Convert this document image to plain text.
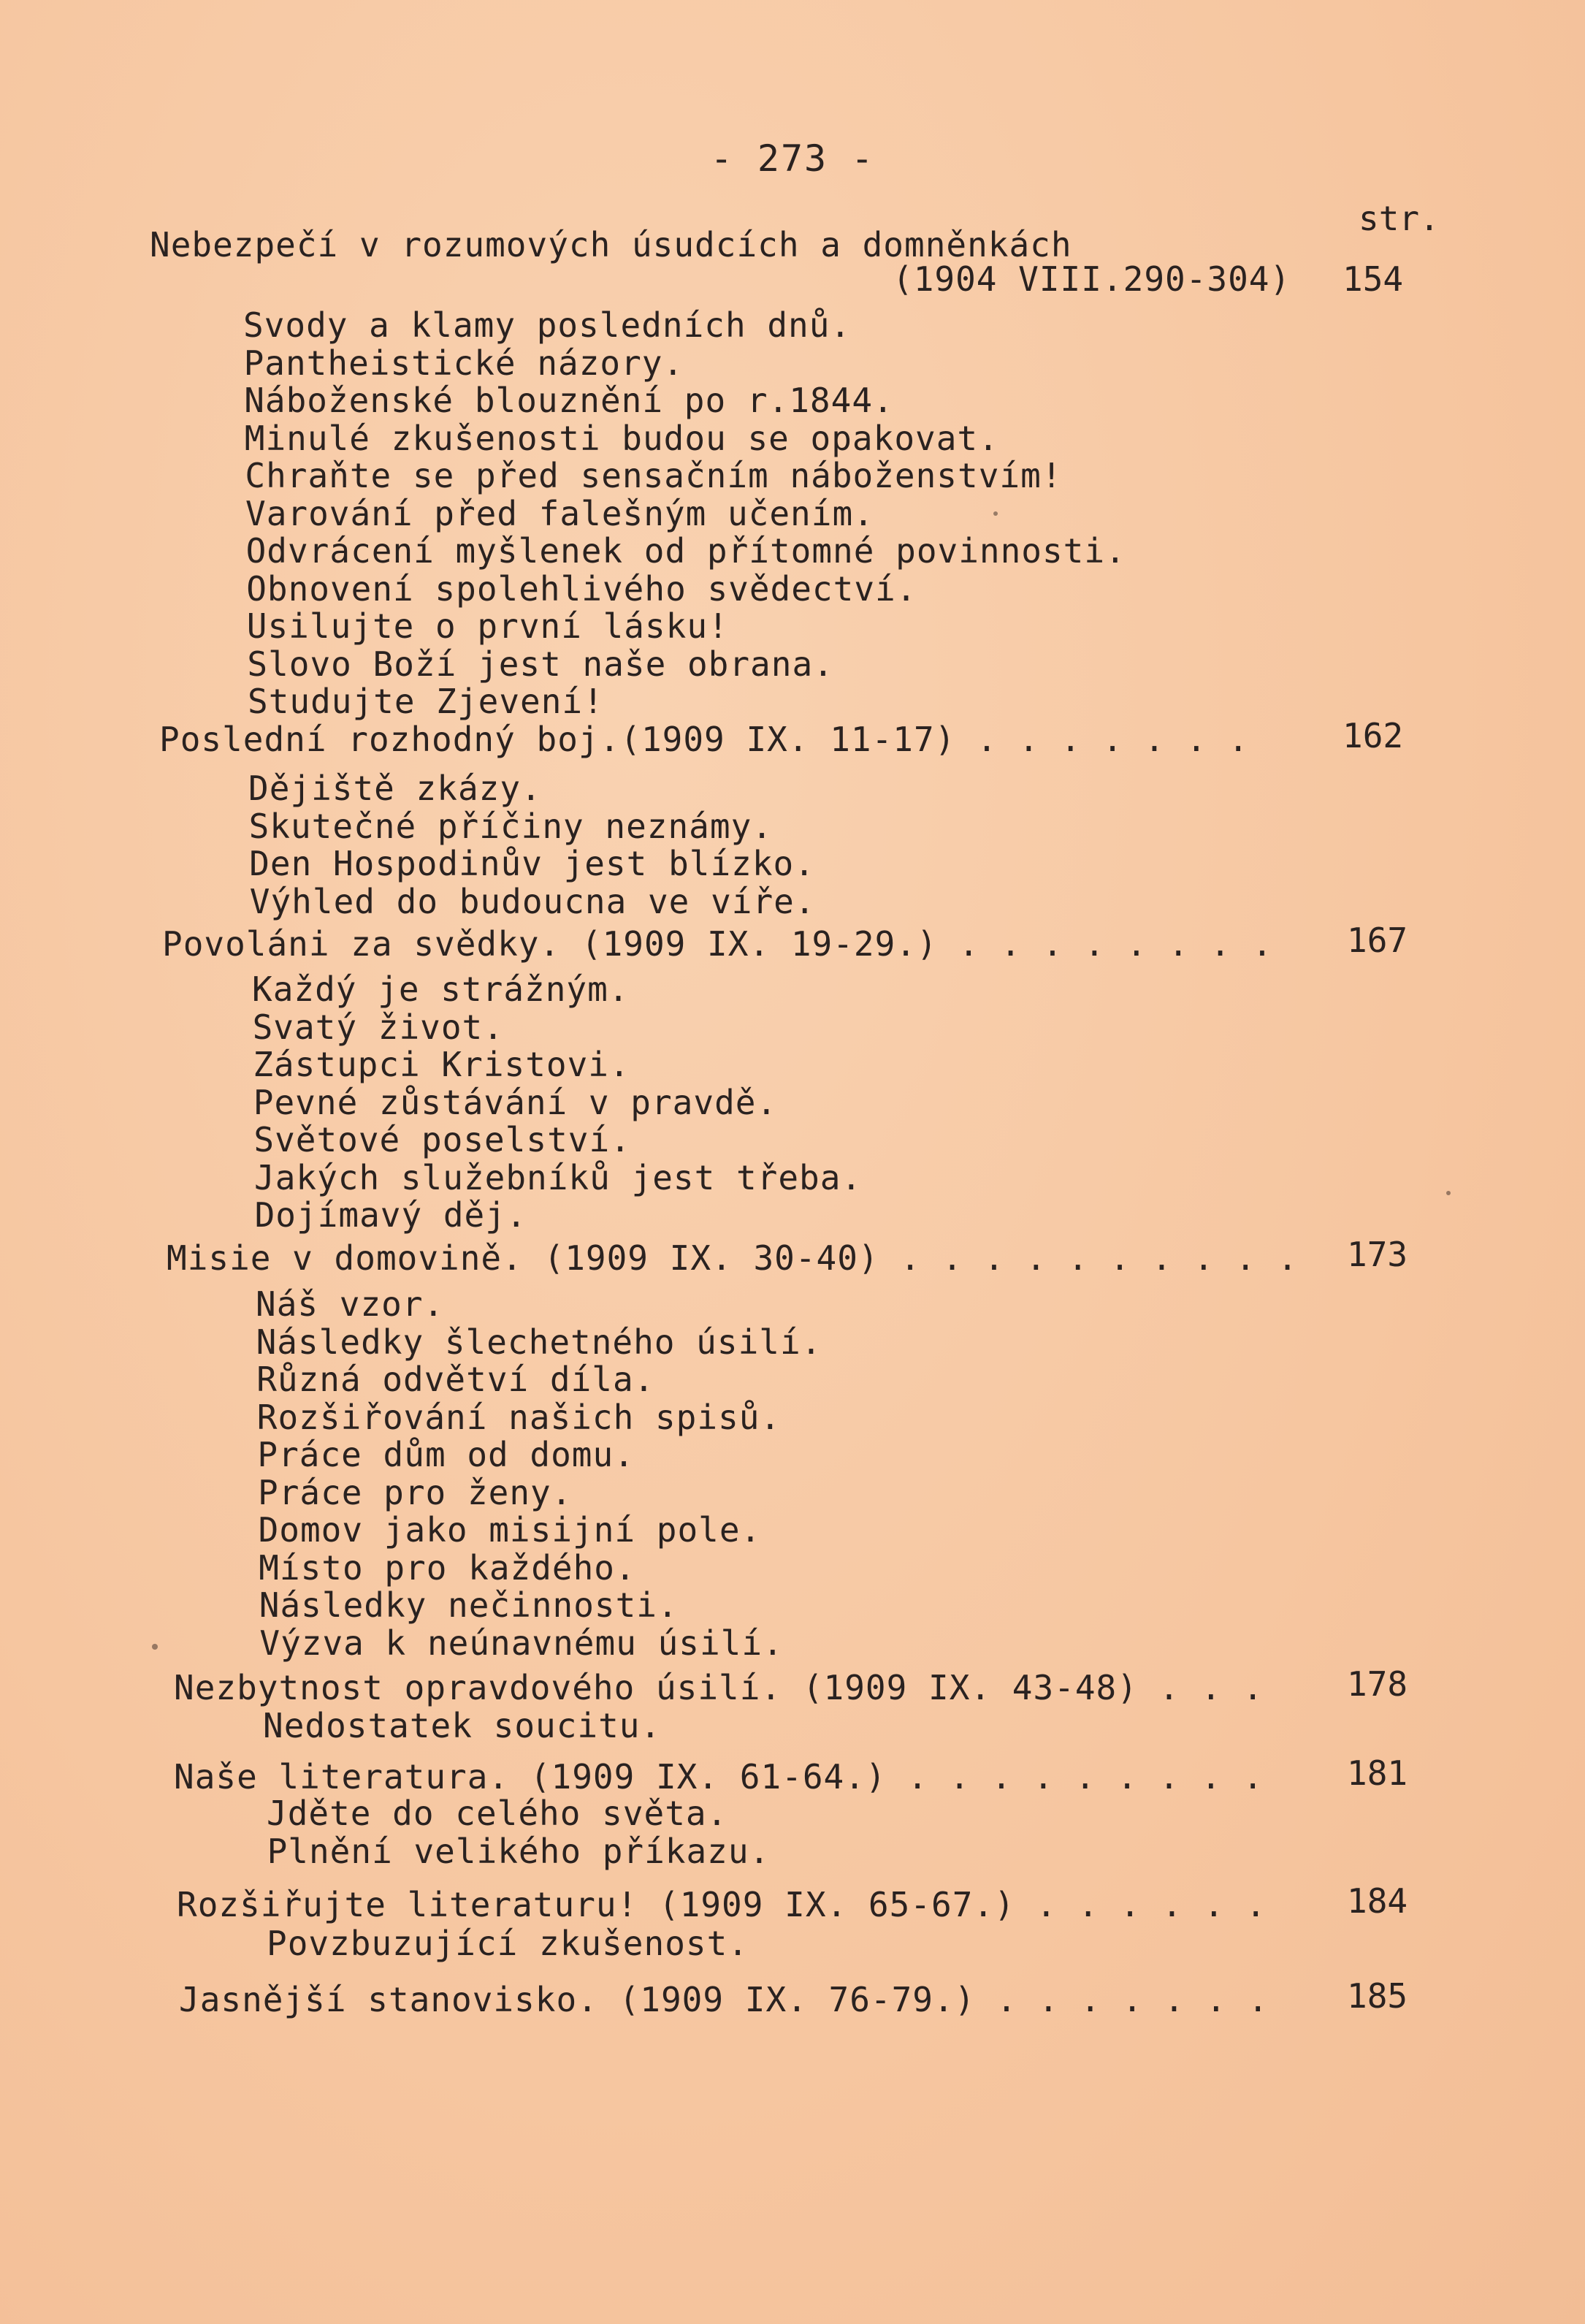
- 273 -
str.
Nebezpečí v rozumových úsudcích a domněnkách
(1904 VIII.290-304) 154
Svody a klamy posledních dnů.
Pantheistické názory.
Náboženské blouznění po r.1844.
Minulé zkušenosti budou se opakovat.
Chraňte se před sensačním náboženstvím!
Varování před falešným učením.
Odvrácení myšlenek od přítomné povinnosti.
Obnovení spolehlivého svědectví.
Usilujte o první lásku!
Slovo Boží jest naše obrana.
Studujte Zjevení!
Poslední rozhodný boj.(1909 IX. 11-17) . . . . . . .	162
Dějiště zkázy.
Skutečné příčiny neznámy.
Den Hospodinův jest blízko.
Výhled do budoucna ve víře.
Povoláni za svědky. (1909 IX. 19-29.) . . . . . . . . 167
Každý je strážným.
Svatý život.
Zástupci Kristovi.
Pevné zůstávání v pravdě.
Světové poselství.
Jakých služebníků jest třeba.
Dojímavý děj.
Misie v domovině. (1909 IX. 30-40) . . . . . . . . . . 173
Náš vzor.
Následky šlechetného úsilí.
Různá odvětví díla.
Rozšiřování našich spisů.
Práce dům od domu.
Práce pro ženy.
Domov jako misijní pole.
Místo pro každého.
Následky nečinnosti.
Výzva k neúnavnému úsilí.
Nezbytnost opravdového úsilí. (1909 IX. 43-48) . . . 178
Nedostatek soucitu.
Naše literatura. (1909 IX. 61-64.) . . . . . . . . . 181
Jděte do celého světa.
Plnění velikého příkazu.
Rozšiřujte literaturu! (1909 IX. 65-67.) . . . . . . 184
Povzbuzující zkušenost.
Jasnější stanovisko. (1909 IX. 76-79.) . . . . . . . 185
